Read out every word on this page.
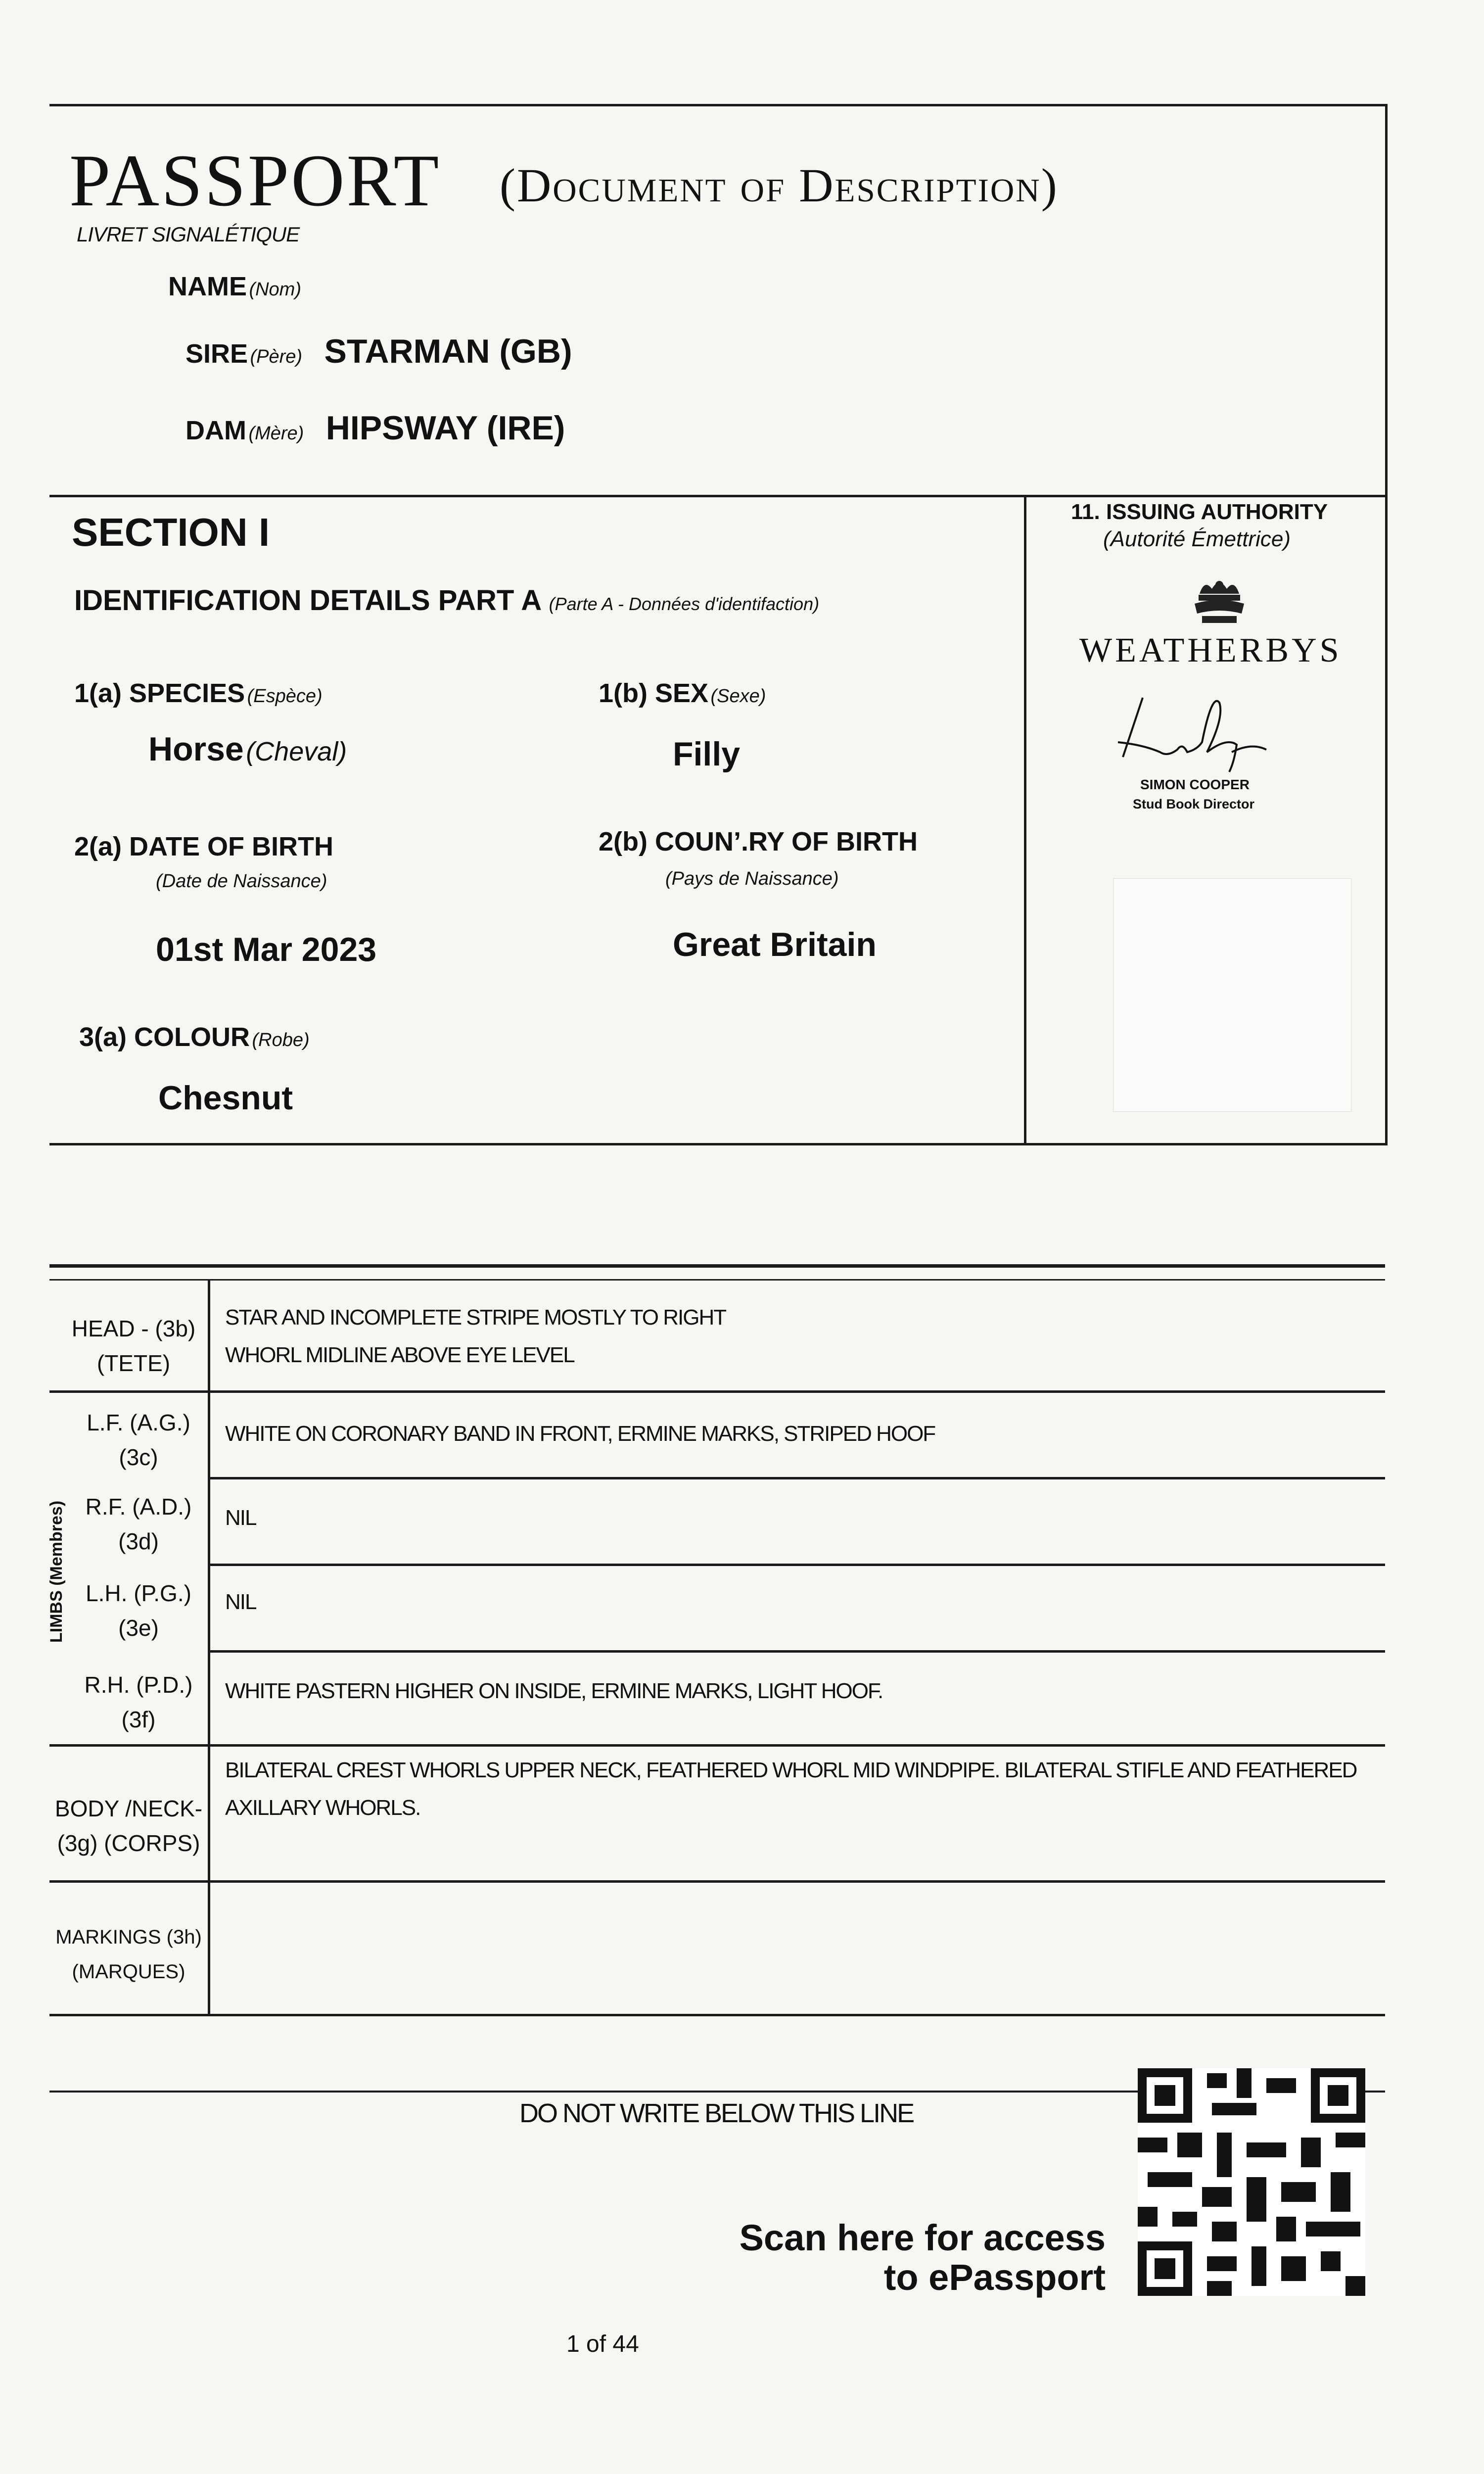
PASSPORT (Document of Description)
LIVRET SIGNALÉTIQUE
NAME (Nom)
SIRE (Père) STARMAN (GB)
DAM (Mère) HIPSWAY (IRE)
SECTION I
IDENTIFICATION DETAILS PART A (Parte A - Données d'identifaction)
1(a) SPECIES (Espèce)
Horse (Cheval)
1(b) SEX (Sexe)
Filly
2(a) DATE OF BIRTH
(Date de Naissance)
01st Mar 2023
2(b) COUN’.RY OF BIRTH
(Pays de Naissance)
Great Britain
3(a) COLOUR (Robe)
Chesnut
11. ISSUING AUTHORITY
(Autorité Émettrice)
WEATHERBYS
SIMON COOPER
Stud Book Director
LIMBS (Membres)
HEAD - (3b)
(TETE)
STAR AND INCOMPLETE STRIPE MOSTLY TO RIGHT
WHORL MIDLINE ABOVE EYE LEVEL
L.F. (A.G.)
(3c)
WHITE ON CORONARY BAND IN FRONT, ERMINE MARKS, STRIPED HOOF
R.F. (A.D.)
(3d)
NIL
L.H. (P.G.)
(3e)
NIL
R.H. (P.D.)
(3f)
WHITE PASTERN HIGHER ON INSIDE, ERMINE MARKS, LIGHT HOOF.
BODY /NECK-
(3g) (CORPS)
BILATERAL CREST WHORLS UPPER NECK, FEATHERED WHORL MID WINDPIPE. BILATERAL STIFLE AND FEATHERED AXILLARY WHORLS.
MARKINGS (3h)
(MARQUES)
DO NOT WRITE BELOW THIS LINE
Scan here for access
to ePassport
1 of 44
